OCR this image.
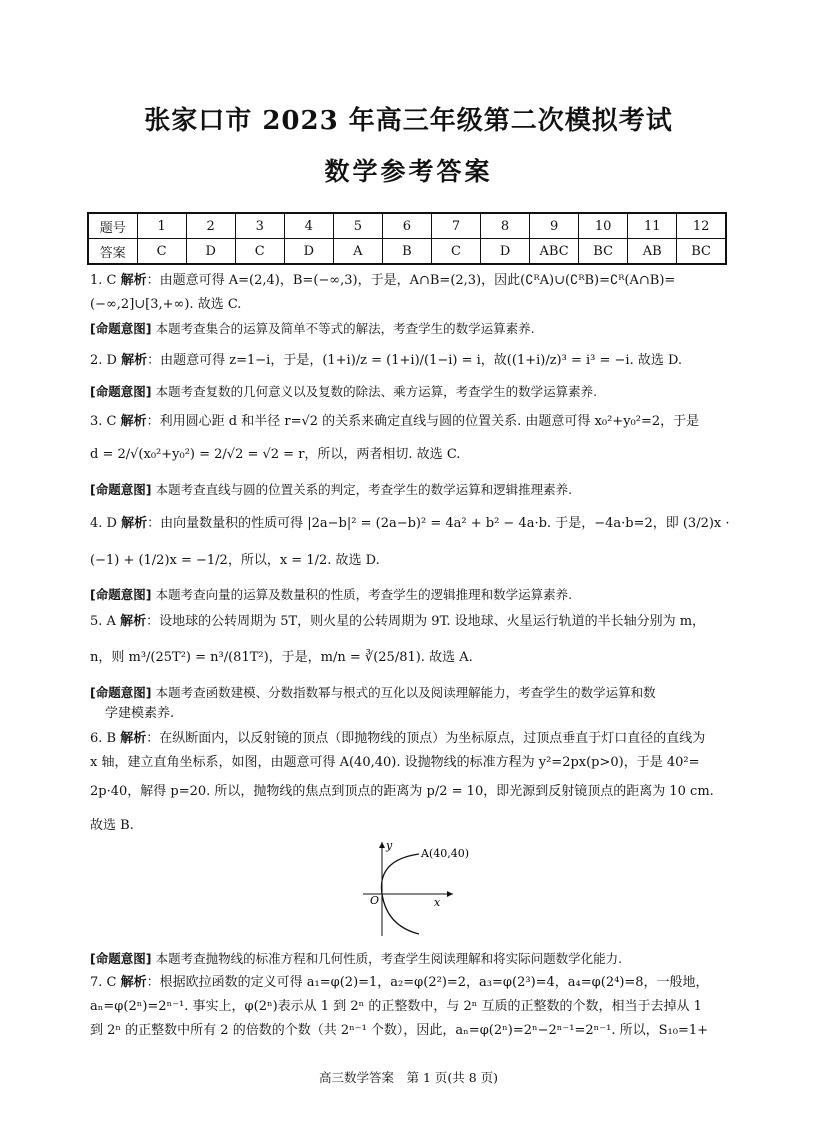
张家口市 2023 年高三年级第二次模拟考试
数学参考答案
题号	1	2	3	4	5	6	7	8	9	10	11	12
答案	C	D	C	D	A	B	C	D	ABC	BC	AB	BC
1. C 解析：由题意可得 A=(2,4)，B=(−∞,3)，于是，A∩B=(2,3)，因此(∁ᴿA)∪(∁ᴿB)=∁ᴿ(A∩B)=
(−∞,2]∪[3,+∞). 故选 C.
[命题意图] 本题考查集合的运算及简单不等式的解法，考查学生的数学运算素养.
2. D 解析：由题意可得 z=1−i，于是，(1+i)/z = (1+i)/(1−i) = i，故((1+i)/z)³ = i³ = −i. 故选 D.
[命题意图] 本题考查复数的几何意义以及复数的除法、乘方运算，考查学生的数学运算素养.
3. C 解析：利用圆心距 d 和半径 r=√2 的关系来确定直线与圆的位置关系. 由题意可得 x₀²+y₀²=2，于是
d = 2/√(x₀²+y₀²) = 2/√2 = √2 = r，所以，两者相切. 故选 C.
[命题意图] 本题考查直线与圆的位置关系的判定，考查学生的数学运算和逻辑推理素养.
4. D 解析：由向量数量积的性质可得 |2a−b|² = (2a−b)² = 4a² + b² − 4a·b. 于是，−4a·b=2，即 (3/2)x ·
(−1) + (1/2)x = −1/2，所以，x = 1/2. 故选 D.
[命题意图] 本题考查向量的运算及数量积的性质，考查学生的逻辑推理和数学运算素养.
5. A 解析：设地球的公转周期为 5T，则火星的公转周期为 9T. 设地球、火星运行轨道的半长轴分别为 m，
n，则 m³/(25T²) = n³/(81T²)，于是，m/n = ∛(25/81). 故选 A.
[命题意图] 本题考查函数建模、分数指数幂与根式的互化以及阅读理解能力，考查学生的数学运算和数
学建模素养.
6. B 解析：在纵断面内，以反射镜的顶点（即抛物线的顶点）为坐标原点，过顶点垂直于灯口直径的直线为
x 轴，建立直角坐标系，如图，由题意可得 A(40,40). 设抛物线的标准方程为 y²=2px(p>0)，于是 40²=
2p·40，解得 p=20. 所以，抛物线的焦点到顶点的距离为 p/2 = 10，即光源到反射镜顶点的距离为 10 cm.
故选 B.
y
A(40,40)
O	x
[命题意图] 本题考查抛物线的标准方程和几何性质，考查学生阅读理解和将实际问题数学化能力.
7. C 解析：根据欧拉函数的定义可得 a₁=φ(2)=1，a₂=φ(2²)=2，a₃=φ(2³)=4，a₄=φ(2⁴)=8，一般地，
aₙ=φ(2ⁿ)=2ⁿ⁻¹. 事实上，φ(2ⁿ)表示从 1 到 2ⁿ 的正整数中，与 2ⁿ 互质的正整数的个数，相当于去掉从 1
到 2ⁿ 的正整数中所有 2 的倍数的个数（共 2ⁿ⁻¹ 个数），因此，aₙ=φ(2ⁿ)=2ⁿ−2ⁿ⁻¹=2ⁿ⁻¹. 所以，S₁₀=1+
高三数学答案　第 1 页(共 8 页)
